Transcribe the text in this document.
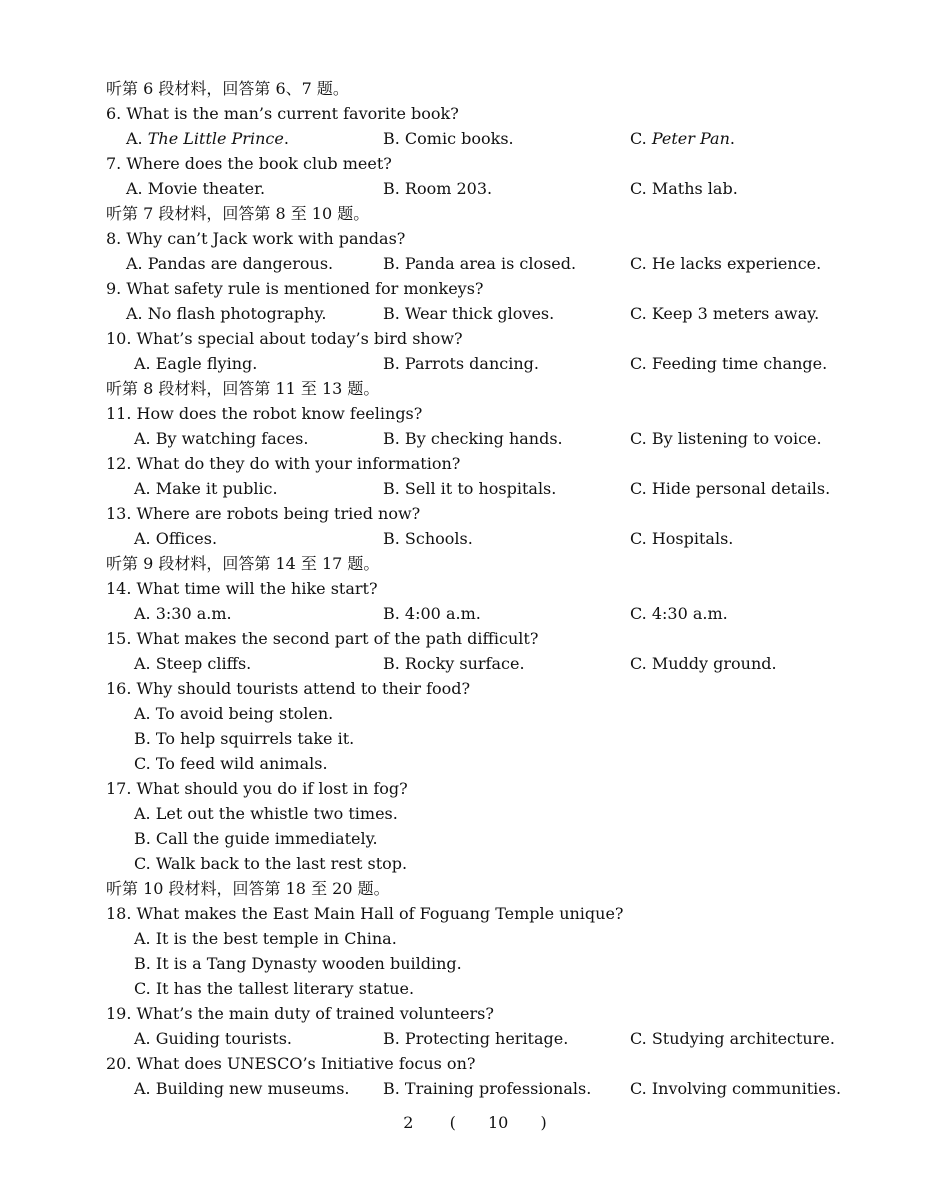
听第 6 段材料，回答第 6、7 题。
6. What is the man’s current favorite book?
A. The Little Prince.	B. Comic books.	C. Peter Pan.
7. Where does the book club meet?
A. Movie theater.	B. Room 203.	C. Maths lab.
听第 7 段材料，回答第 8 至 10 题。
8. Why can’t Jack work with pandas?
A. Pandas are dangerous.	B. Panda area is closed.	C. He lacks experience.
9. What safety rule is mentioned for monkeys?
A. No flash photography.	B. Wear thick gloves.	C. Keep 3 meters away.
10. What’s special about today’s bird show?
A. Eagle flying.	B. Parrots dancing.	C. Feeding time change.
听第 8 段材料，回答第 11 至 13 题。
11. How does the robot know feelings?
A. By watching faces.	B. By checking hands.	C. By listening to voice.
12. What do they do with your information?
A. Make it public.	B. Sell it to hospitals.	C. Hide personal details.
13. Where are robots being tried now?
A. Offices.	B. Schools.	C. Hospitals.
听第 9 段材料，回答第 14 至 17 题。
14. What time will the hike start?
A. 3:30 a.m.	B. 4:00 a.m.	C. 4:30 a.m.
15. What makes the second part of the path difficult?
A. Steep cliffs.	B. Rocky surface.	C. Muddy ground.
16. Why should tourists attend to their food?
A. To avoid being stolen.
B. To help squirrels take it.
C. To feed wild animals.
17. What should you do if lost in fog?
A. Let out the whistle two times.
B. Call the guide immediately.
C. Walk back to the last rest stop.
听第 10 段材料，回答第 18 至 20 题。
18. What makes the East Main Hall of Foguang Temple unique?
A. It is the best temple in China.
B. It is a Tang Dynasty wooden building.
C. It has the tallest literary statue.
19. What’s the main duty of trained volunteers?
A. Guiding tourists.	B. Protecting heritage.	C. Studying architecture.
20. What does UNESCO’s Initiative focus on?
A. Building new museums. B. Training professionals. C. Involving communities.
2 ( 10 )
